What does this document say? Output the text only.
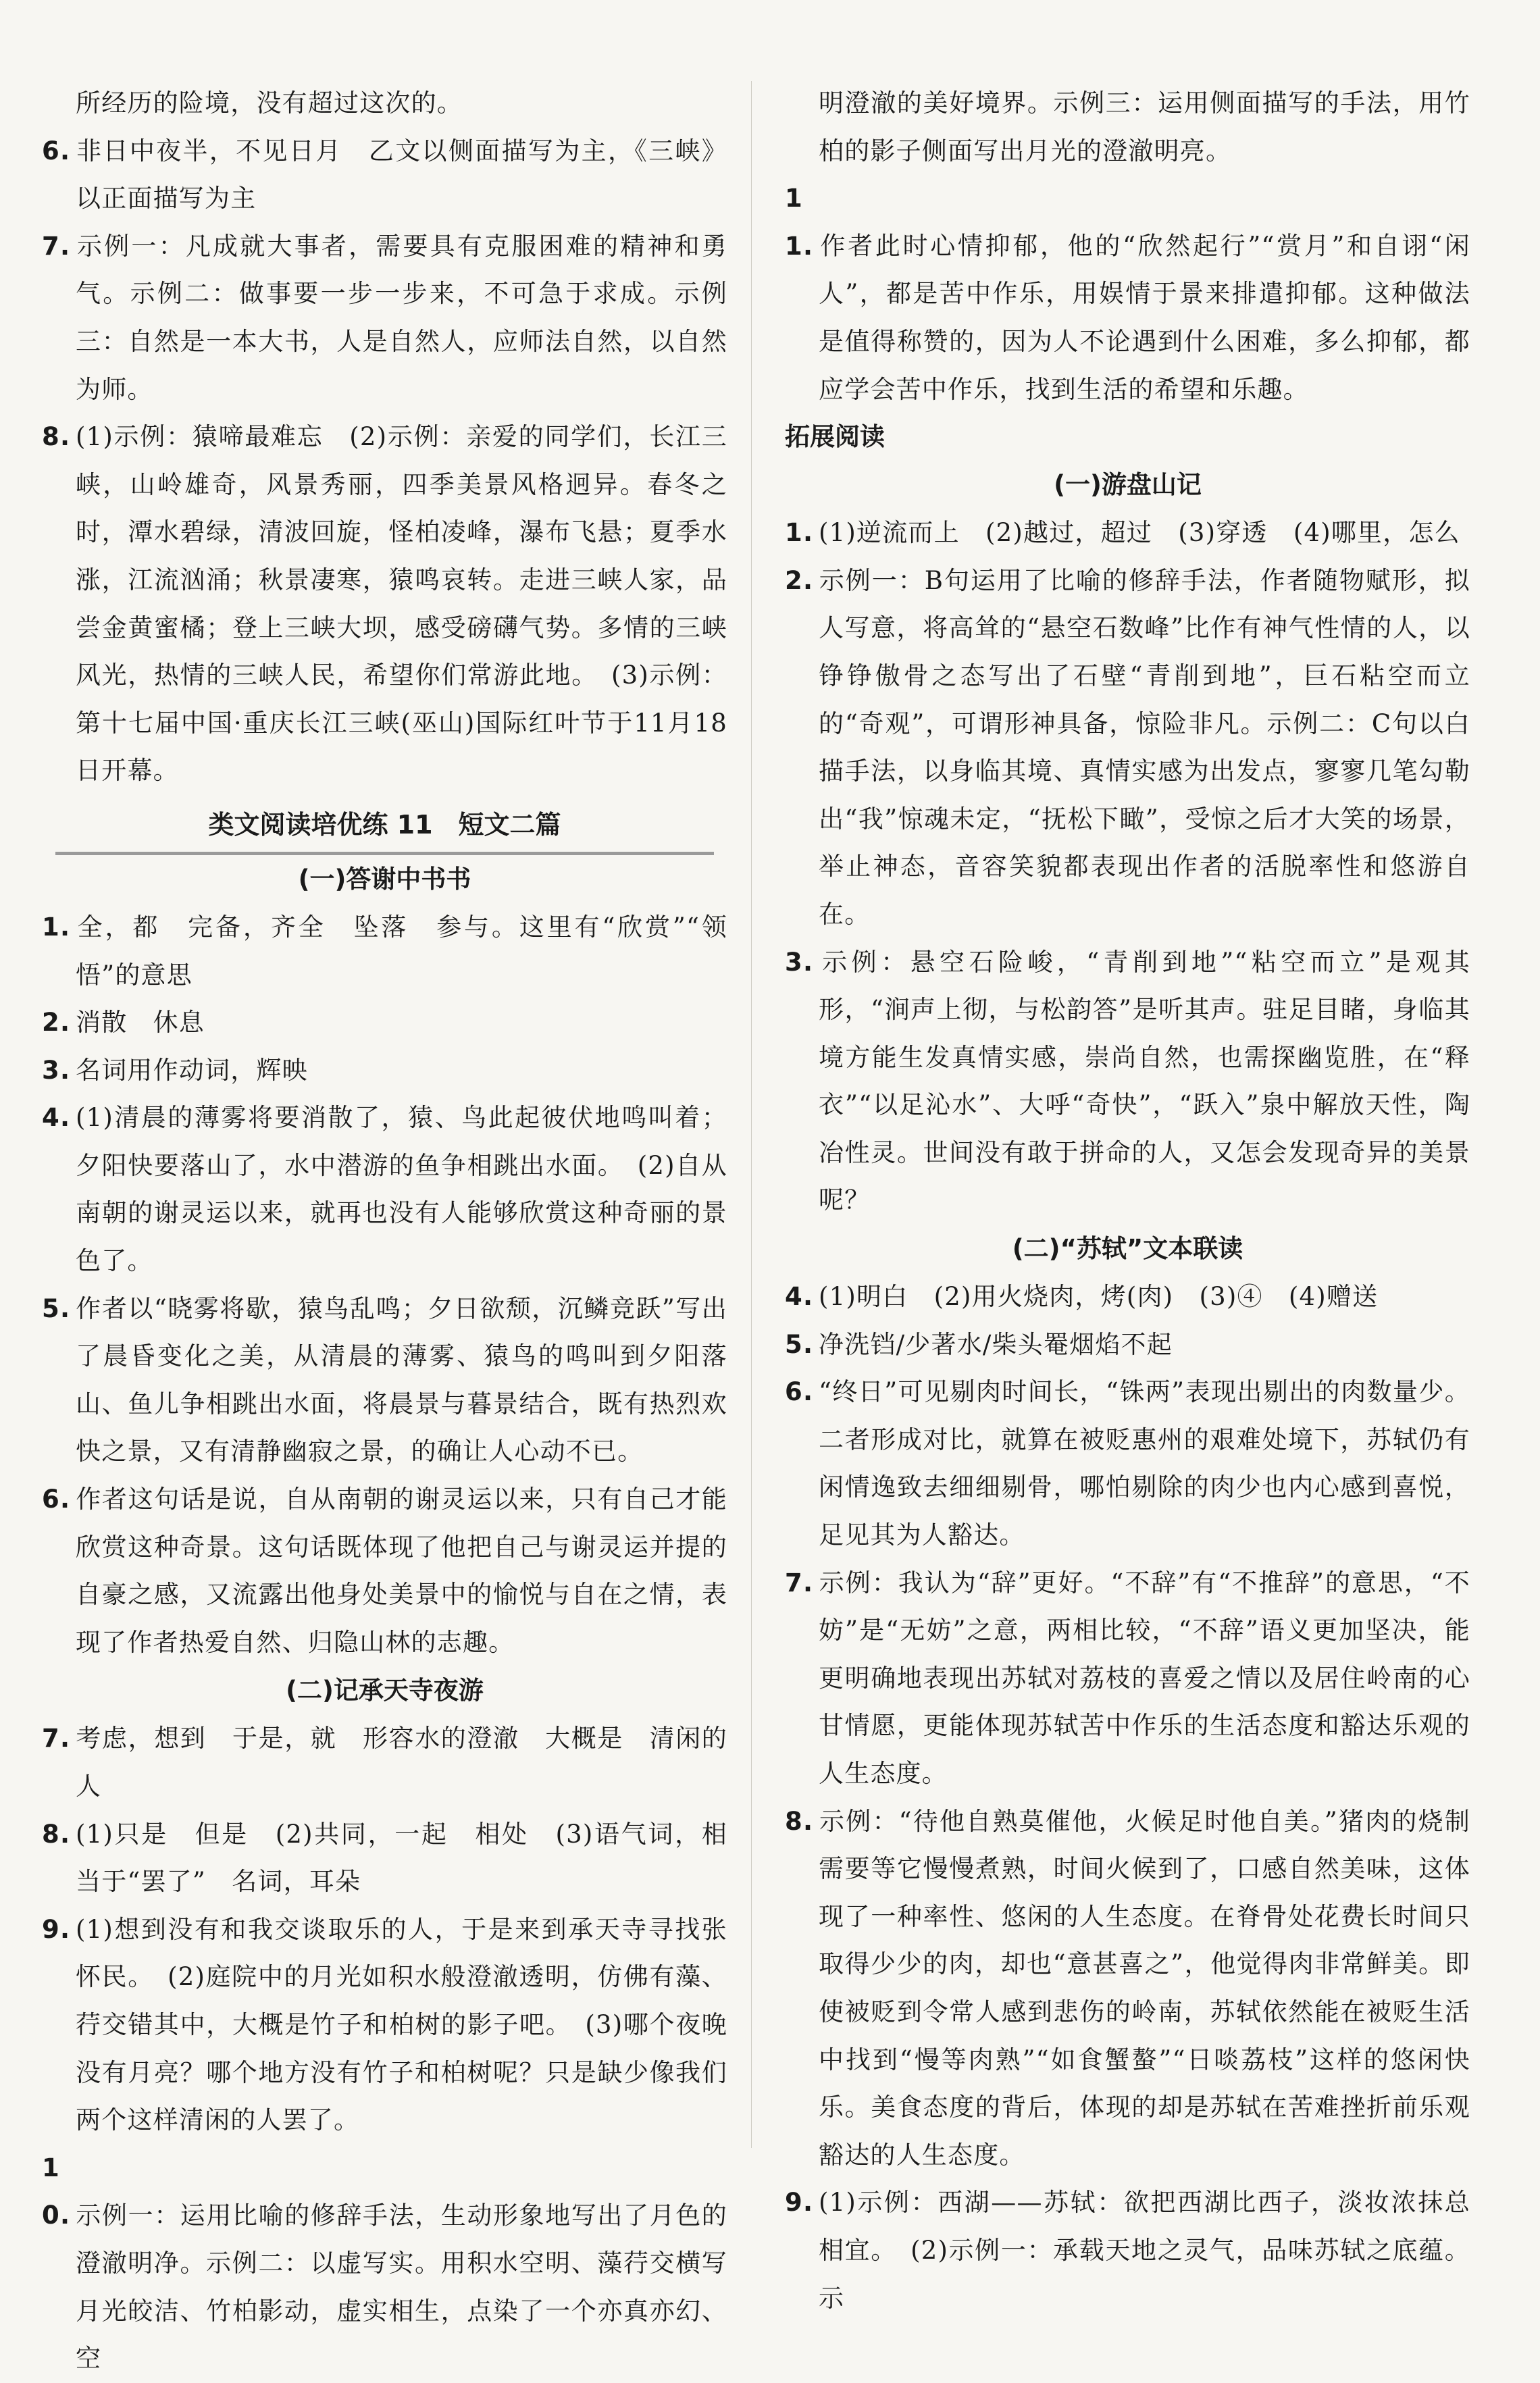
所经历的险境，没有超过这次的。

6. 非日中夜半，不见日月　乙文以侧面描写为主，《三峡》以正面描写为主

7. 示例一：凡成就大事者，需要具有克服困难的精神和勇气。示例二：做事要一步一步来，不可急于求成。示例三：自然是一本大书，人是自然人，应师法自然，以自然为师。

8. (1)示例：猿啼最难忘　(2)示例：亲爱的同学们，长江三峡，山岭雄奇，风景秀丽，四季美景风格迥异。春冬之时，潭水碧绿，清波回旋，怪柏凌峰，瀑布飞悬；夏季水涨，江流汹涌；秋景凄寒，猿鸣哀转。走进三峡人家，品尝金黄蜜橘；登上三峡大坝，感受磅礴气势。多情的三峡风光，热情的三峡人民，希望你们常游此地。　(3)示例：第十七届中国·重庆长江三峡(巫山)国际红叶节于11月18日开幕。

类文阅读培优练 11　短文二篇

(一)答谢中书书

1. 全，都　完备，齐全　坠落　参与。这里有“欣赏”“领悟”的意思

2. 消散　休息

3. 名词用作动词，辉映

4. (1)清晨的薄雾将要消散了，猿、鸟此起彼伏地鸣叫着；夕阳快要落山了，水中潜游的鱼争相跳出水面。　(2)自从南朝的谢灵运以来，就再也没有人能够欣赏这种奇丽的景色了。

5. 作者以“晓雾将歇，猿鸟乱鸣；夕日欲颓，沉鳞竞跃”写出了晨昏变化之美，从清晨的薄雾、猿鸟的鸣叫到夕阳落山、鱼儿争相跳出水面，将晨景与暮景结合，既有热烈欢快之景，又有清静幽寂之景，的确让人心动不已。

6. 作者这句话是说，自从南朝的谢灵运以来，只有自己才能欣赏这种奇景。这句话既体现了他把自己与谢灵运并提的自豪之感，又流露出他身处美景中的愉悦与自在之情，表现了作者热爱自然、归隐山林的志趣。

(二)记承天寺夜游

7. 考虑，想到　于是，就　形容水的澄澈　大概是　清闲的人

8. (1)只是　但是　(2)共同，一起　相处　(3)语气词，相当于“罢了”　名词，耳朵

9. (1)想到没有和我交谈取乐的人，于是来到承天寺寻找张怀民。　(2)庭院中的月光如积水般澄澈透明，仿佛有藻、荇交错其中，大概是竹子和柏树的影子吧。　(3)哪个夜晚没有月亮？哪个地方没有竹子和柏树呢？只是缺少像我们两个这样清闲的人罢了。

10. 示例一：运用比喻的修辞手法，生动形象地写出了月色的澄澈明净。示例二：以虚写实。用积水空明、藻荇交横写月光皎洁、竹柏影动，虚实相生，点染了一个亦真亦幻、空

明澄澈的美好境界。示例三：运用侧面描写的手法，用竹柏的影子侧面写出月光的澄澈明亮。

11. 作者此时心情抑郁，他的“欣然起行”“赏月”和自诩“闲人”，都是苦中作乐，用娱情于景来排遣抑郁。这种做法是值得称赞的，因为人不论遇到什么困难，多么抑郁，都应学会苦中作乐，找到生活的希望和乐趣。

拓展阅读

(一)游盘山记

1. (1)逆流而上　(2)越过，超过　(3)穿透　(4)哪里，怎么

2. 示例一：B句运用了比喻的修辞手法，作者随物赋形，拟人写意，将高耸的“悬空石数峰”比作有神气性情的人，以铮铮傲骨之态写出了石壁“青削到地”，巨石粘空而立的“奇观”，可谓形神具备，惊险非凡。示例二：C句以白描手法，以身临其境、真情实感为出发点，寥寥几笔勾勒出“我”惊魂未定，“抚松下瞰”，受惊之后才大笑的场景，举止神态，音容笑貌都表现出作者的活脱率性和悠游自在。

3. 示例：悬空石险峻，“青削到地”“粘空而立”是观其形，“涧声上彻，与松韵答”是听其声。驻足目睹，身临其境方能生发真情实感，崇尚自然，也需探幽览胜，在“释衣”“以足沁水”、大呼“奇快”，“跃入”泉中解放天性，陶冶性灵。世间没有敢于拼命的人，又怎会发现奇异的美景呢？

(二)“苏轼”文本联读

4. (1)明白　(2)用火烧肉，烤(肉)　(3)④　(4)赠送

5. 净洗铛/少著水/柴头罨烟焰不起

6. “终日”可见剔肉时间长，“铢两”表现出剔出的肉数量少。二者形成对比，就算在被贬惠州的艰难处境下，苏轼仍有闲情逸致去细细剔骨，哪怕剔除的肉少也内心感到喜悦，足见其为人豁达。

7. 示例：我认为“辞”更好。“不辞”有“不推辞”的意思，“不妨”是“无妨”之意，两相比较，“不辞”语义更加坚决，能更明确地表现出苏轼对荔枝的喜爱之情以及居住岭南的心甘情愿，更能体现苏轼苦中作乐的生活态度和豁达乐观的人生态度。

8. 示例：“待他自熟莫催他，火候足时他自美。”猪肉的烧制需要等它慢慢煮熟，时间火候到了，口感自然美味，这体现了一种率性、悠闲的人生态度。在脊骨处花费长时间只取得少少的肉，却也“意甚喜之”，他觉得肉非常鲜美。即使被贬到令常人感到悲伤的岭南，苏轼依然能在被贬生活中找到“慢等肉熟”“如食蟹螯”“日啖荔枝”这样的悠闲快乐。美食态度的背后，体现的却是苏轼在苦难挫折前乐观豁达的人生态度。

9. (1)示例：西湖——苏轼：欲把西湖比西子，淡妆浓抹总相宜。　(2)示例一：承载天地之灵气，品味苏轼之底蕴。示
